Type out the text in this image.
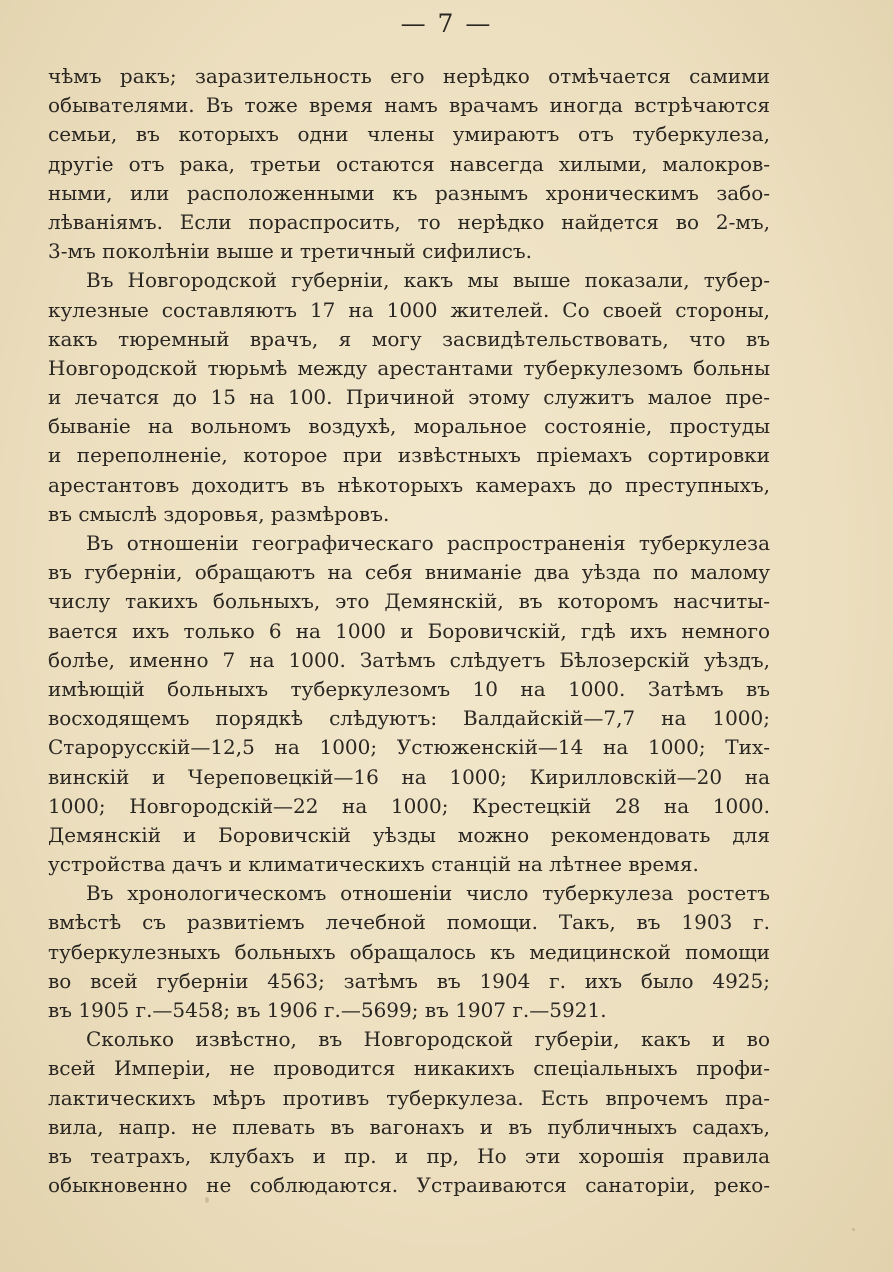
— 7 —
чѣмъ ракъ; заразительность его нерѣдко отмѣчается самими
обывателями. Въ тоже время намъ врачамъ иногда встрѣчаются
семьи, въ которыхъ одни члены умираютъ отъ туберкулеза,
другіе отъ рака, третьи остаются навсегда хилыми, малокров-
ными, или расположенными къ разнымъ хроническимъ забо-
лѣваніямъ. Если пораспросить, то нерѣдко найдется во 2-мъ,
3-мъ поколѣніи выше и третичный сифилисъ.
Въ Новгородской губерніи, какъ мы выше показали, тубер-
кулезные составляютъ 17 на 1000 жителей. Со своей стороны,
какъ тюремный врачъ, я могу засвидѣтельствовать, что въ
Новгородской тюрьмѣ между арестантами туберкулезомъ больны
и лечатся до 15 на 100. Причиной этому служитъ малое пре-
бываніе на вольномъ воздухѣ, моральное состояніе, простуды
и переполненіе, которое при извѣстныхъ пріемахъ сортировки
арестантовъ доходитъ въ нѣкоторыхъ камерахъ до преступныхъ,
въ смыслѣ здоровья, размѣровъ.
Въ отношеніи географическаго распространенія туберкулеза
въ губерніи, обращаютъ на себя вниманіе два уѣзда по малому
числу такихъ больныхъ, это Демянскій, въ которомъ насчиты-
вается ихъ только 6 на 1000 и Боровичскій, гдѣ ихъ немного
болѣе, именно 7 на 1000. Затѣмъ слѣдуетъ Бѣлозерскій уѣздъ,
имѣющій больныхъ туберкулезомъ 10 на 1000. Затѣмъ въ
восходящемъ порядкѣ слѣдуютъ: Валдайскій—7,7 на 1000;
Старорусскій—12,5 на 1000; Устюженскій—14 на 1000; Тих-
винскій и Череповецкій—16 на 1000; Кирилловскій—20 на
1000; Новгородскій—22 на 1000; Крестецкій 28 на 1000.
Демянскій и Боровичскій уѣзды можно рекомендовать для
устройства дачъ и климатическихъ станцій на лѣтнее время.
Въ хронологическомъ отношеніи число туберкулеза ростетъ
вмѣстѣ съ развитіемъ лечебной помощи. Такъ, въ 1903 г.
туберкулезныхъ больныхъ обращалось къ медицинской помощи
во всей губерніи 4563; затѣмъ въ 1904 г. ихъ было 4925;
въ 1905 г.—5458; въ 1906 г.—5699; въ 1907 г.—5921.
Сколько извѣстно, въ Новгородской губеріи, какъ и во
всей Имперіи, не проводится никакихъ спеціальныхъ профи-
лактическихъ мѣръ противъ туберкулеза. Есть впрочемъ пра-
вила, напр. не плевать въ вагонахъ и въ публичныхъ садахъ,
въ театрахъ, клубахъ и пр. и пр, Но эти хорошія правила
обыкновенно не соблюдаются. Устраиваются санаторіи, реко-
